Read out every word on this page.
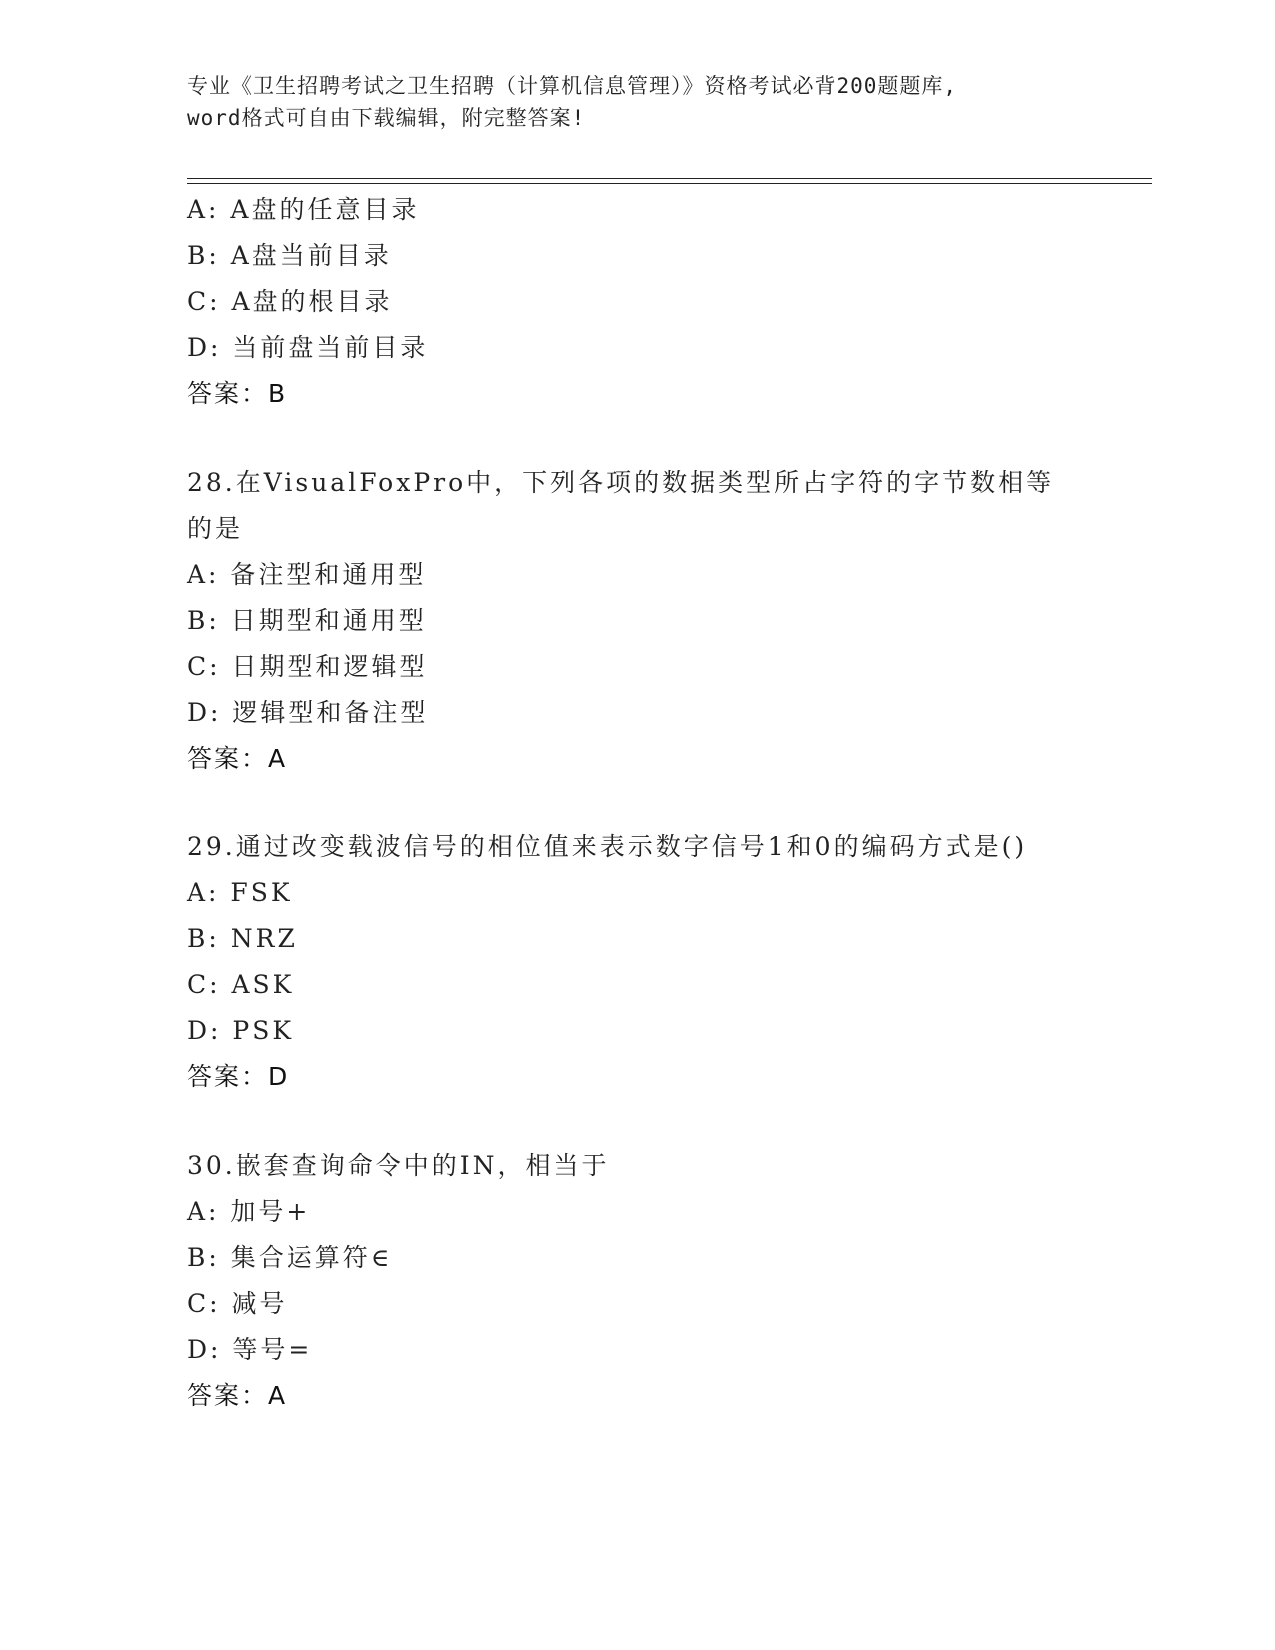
专业《卫生招聘考试之卫生招聘（计算机信息管理）》资格考试必背200题题库,
word格式可自由下载编辑，附完整答案!
A: A盘的任意目录
B: A盘当前目录
C: A盘的根目录
D: 当前盘当前目录
答案：B
28.在VisualFoxPro中，下列各项的数据类型所占字符的字节数相等
的是
A: 备注型和通用型
B: 日期型和通用型
C: 日期型和逻辑型
D: 逻辑型和备注型
答案：A
29.通过改变载波信号的相位值来表示数字信号1和0的编码方式是()
A: FSK
B: NRZ
C: ASK
D: PSK
答案：D
30.嵌套查询命令中的IN，相当于
A: 加号+
B: 集合运算符∈
C: 减号
D: 等号=
答案：A
